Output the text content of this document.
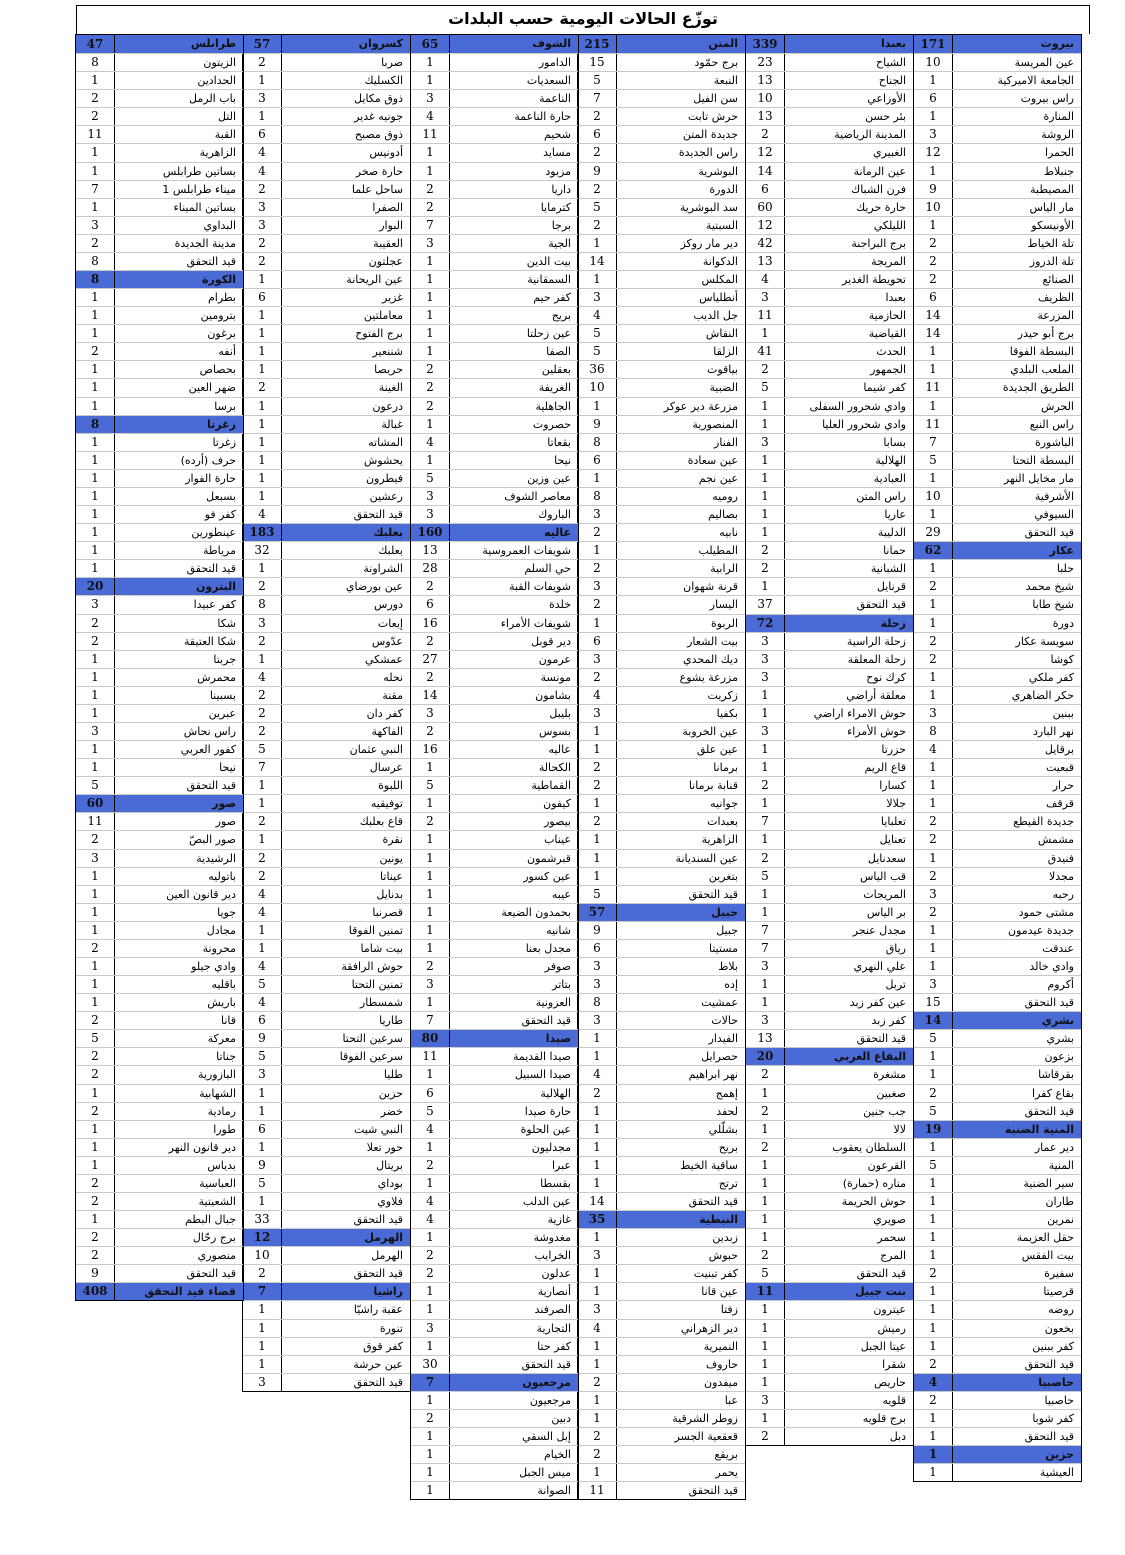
توزّع الحالات اليومية حسب البلدات
بيروت
171
عين المريسة
10
الجامعة الاميركية
1
راس بيروت
6
المنارة
1
الروشة
3
الحمرا
12
جنبلاط
1
المصيطبة
9
مار الياس
10
الأونيسكو
1
تلة الخياط
2
تلة الدروز
2
الصنائع
2
الظريف
6
المزرعة
14
برج أبو حيدر
14
البسطة الفوقا
1
الملعب البلدي
1
الطريق الجديدة
11
الحرش
1
راس النبع
11
الباشورة
7
البسطة التحتا
5
مار مخايل النهر
1
الأشرفية
10
السيوفي
1
قيد التحقق
29
عكار
62
حلبا
1
شيخ محمد
2
شيخ طابا
1
دورة
1
سويسة عكار
2
كوشا
2
كفر ملكي
1
حكر الضاهري
1
ببنين
3
نهر البارد
8
برقايل
4
قبعيت
1
حرار
1
قرقف
1
جديدة القيطع
2
مشمش
2
فنيدق
1
مجدلا
2
رحبه
3
مشتى حمود
2
جديدة عيدمون
1
عندقت
1
وادي خالد
1
أكروم
3
قيد التحقق
15
بشري
14
بشري
5
بزعون
1
بقرقاشا
1
بقاع كفرا
2
قيد التحقق
5
المنية الضنية
19
دير عمار
1
المنية
5
سير الضنية
1
طاران
1
نمرين
1
حقل العزيمة
1
بيت الفقس
1
سفيرة
2
قرصيتا
1
روضه
1
بخعون
1
كفر ببنين
1
قيد التحقق
2
حاصبيا
4
حاصبيا
2
كفر شوبا
1
قيد التحقق
1
جزين
1
العيشية
1
بعبدا
339
الشياح
23
الجناح
13
الأوزاعي
10
بئر حسن
13
المدينة الرياضية
2
الغبيري
12
عين الرمانة
14
فرن الشباك
6
حارة حريك
60
الليلكي
12
برج البراجنة
42
المريجة
13
تحويطة الغدير
4
بعبدا
3
الحازمية
11
القياضية
1
الحدث
41
الجمهور
2
كفر شيما
5
وادي شحرور السفلى
1
وادي شحرور العليا
1
بسابا
3
الهلالية
1
العبادية
1
راس المتن
1
عاريا
1
الدليبة
1
حمانا
2
الشبانية
2
قرنايل
1
قيد التحقق
37
زحلة
72
زحلة الراسية
3
زحلة المعلقة
3
كرك نوح
3
معلقة أراضي
1
حوش الامراء اراضي
1
حوش الأمراء
3
حزرتا
1
قاع الريم
1
كسارا
2
جلالا
1
تعلبايا
7
تعنايل
1
سعدنايل
2
قب الياس
5
المريجات
1
بر الياس
1
مجدل عنجر
7
رياق
7
علي النهري
3
تربل
1
عين كفر زبد
1
كفر زبد
3
قيد التحقق
13
البقاع الغربي
20
مشغرة
2
صغبين
1
جب جنين
2
لالا
1
السلطان يعقوب
2
القرعون
1
مناره (حمارة)
1
حوش الحريمة
1
صويري
1
سحمر
1
المرج
2
قيد التحقق
5
بنت جبيل
11
عيترون
1
رميش
1
عيتا الجبل
1
شقرا
1
حاريص
1
قلويه
3
برج قلويه
1
دبل
2
المتن
215
برج حمّود
15
النبعة
5
سن الفيل
7
حرش تابت
2
جديدة المتن
6
راس الجديدة
2
البوشرية
9
الدورة
2
سد البوشرية
5
السبتية
2
دير مار روكز
1
الدكوانة
14
المكلس
1
أنطلياس
3
جل الديب
4
النقاش
5
الزلقا
5
بياقوت
36
الضبية
10
مزرعة دير عوكر
1
المنصورية
9
الفنار
8
عين سعادة
6
عين نجم
1
روميه
8
بصاليم
3
نابيه
2
المطيلب
1
الرابية
2
قرنة شهوان
3
اليسار
2
الربوة
1
بيت الشعار
6
ديك المحدي
3
مزرعة يشوع
2
زكريت
4
بكفيا
3
عين الخروبة
1
عين علق
1
برمانا
2
قنابة برمانا
2
جوانيه
1
بعبدات
2
الزاهرية
1
عين السنديانة
1
بتغرين
1
قيد التحقق
5
جبيل
57
جبيل
9
مستيتا
6
بلاط
3
إده
3
عمشيت
8
حالات
3
الفيدار
1
حصرايل
1
نهر ابراهيم
4
إهمج
2
لحفد
1
بشلّلي
1
بريح
1
ساقية الخيط
1
ترتج
1
قيد التحقق
14
النبطية
35
زبدين
1
حبوش
3
كفر تبنيت
1
عين قانا
1
زفتا
3
دير الزهراني
4
النميرية
1
حاروف
1
ميفدون
2
عبا
1
زوطر الشرقية
1
قعقعية الجسر
2
بريقع
2
يحمر
1
قيد التحقق
11
الشوف
65
الدامور
1
السعديات
1
الناعمة
3
حارة الناعمة
4
شحيم
11
مسايد
1
مزبود
1
داريا
2
كترمايا
2
برجا
7
الجية
3
بيت الدين
1
السمقانية
1
كفر حيم
1
بريح
1
عين زحلتا
1
الصفا
1
بعقلين
2
الغريفة
2
الجاهلية
2
حصروت
1
بقعاتا
4
نيحا
1
عين وزين
5
معاصر الشوف
3
الباروك
3
عاليه
160
شويفات العمروسية
13
حي السلم
28
شويفات القبة
2
خلدة
6
شويفات الأمراء
16
دير قوبل
2
عرمون
27
مونسة
2
بشامون
14
بليبل
3
بسوس
2
عاليه
16
الكحالة
1
القماطية
5
كيفون
1
بيصور
2
عيناب
1
قبرشمون
1
عين كسور
1
عيبه
1
بحمدون الضيعة
1
شانيه
1
مجدل بعنا
1
صوفر
2
بتاتر
3
العزونية
1
قيد التحقق
7
صيدا
80
صيدا القديمة
11
صيدا السبيل
1
الهلالية
6
حارة صيدا
5
عين الحلوة
4
مجدليون
1
عبرا
2
بقسطا
1
عين الدلب
4
غازية
4
مغدوشة
1
الخرايب
2
عدلون
2
أنصارية
1
الصرفند
1
التجارية
3
كفر حتا
1
قيد التحقق
30
مرجعيون
7
مرجعيون
1
دبين
2
إبل السقي
1
الخيام
1
ميس الجبل
1
الصوانة
1
كسروان
57
صربا
2
الكسليك
1
ذوق مكايل
3
جونيه غدير
1
ذوق مصبح
6
أدونيس
4
حارة صخر
4
ساحل علما
2
الصفرا
3
البوار
3
العقيبة
2
عجلتون
2
عين الريحانة
1
غزير
6
معاملتين
1
برج الفتوح
1
شننعير
1
حريصا
1
الغينة
2
درعون
1
غبالة
1
المشاته
1
يحشوش
1
فيطرون
1
رعشين
1
قيد التحقق
4
بعلبك
183
بعلبك
32
الشراونة
1
عين بورضاي
2
دورس
8
إيعات
3
عدّوس
2
عمشكي
1
نحله
4
مقنة
2
كفر دان
2
الفاكهة
2
النبي عثمان
5
عرسال
7
اللبوة
1
توفيقيه
1
قاع بعلبك
2
نقرة
1
يونين
2
عيناتا
2
بدنايل
4
قصرنبا
4
تمنين الفوقا
1
بيت شاما
1
حوش الرافقة
4
تمنين التحتا
5
شمسطار
4
طاريا
6
سرعين التحتا
9
سرعين الفوقا
5
طليا
3
حزين
1
خضر
1
النبي شيت
6
حور تعلا
1
بريتال
9
بوداي
5
فلاوي
1
قيد التحقق
33
الهرمل
12
الهرمل
10
قيد التحقق
2
راشيا
7
عقبة راشيّا
1
تنورة
1
كفر قوق
1
عين حرشة
1
قيد التحقق
3
طرابلس
47
الزيتون
8
الحدادين
1
باب الرمل
2
التل
2
القبة
11
الزاهرية
1
بساتين طرابلس
1
ميناء طرابلس 1
7
بساتين الميناء
1
البداوي
3
مدينة الجديدة
2
قيد التحقق
8
الكورة
8
بطرام
1
بترومين
1
برغون
1
أنفه
2
بحصاص
1
ضهر العين
1
برسا
1
زغرتا
8
زغرتا
1
حرف (أرده)
1
حارة الفوار
1
بسبعل
1
كفر فو
1
عينطورين
1
مرياطة
1
قيد التحقق
1
البترون
20
كفر عبيدا
3
شكا
2
شكا العتيقة
2
جربتا
1
محمرش
1
بسبينا
1
عبرين
1
راس نحاش
3
كفور العربي
1
نيحا
1
قيد التحقق
5
صور
60
صور
11
صور البصّ
2
الرشيدية
3
باتوليه
1
دير قانون العين
1
جويا
1
مجادل
1
محرونة
2
وادي جيلو
1
باقليه
1
باريش
1
قانا
2
معركة
5
جناتا
2
البازورية
2
الشهابية
1
رمادية
2
طورا
1
دير قانون النهر
1
بدياس
1
العباسية
2
الشعيتية
2
جبال البطم
1
برج رحّال
2
منصوري
2
قيد التحقق
9
قضاء قيد التحقق
408
